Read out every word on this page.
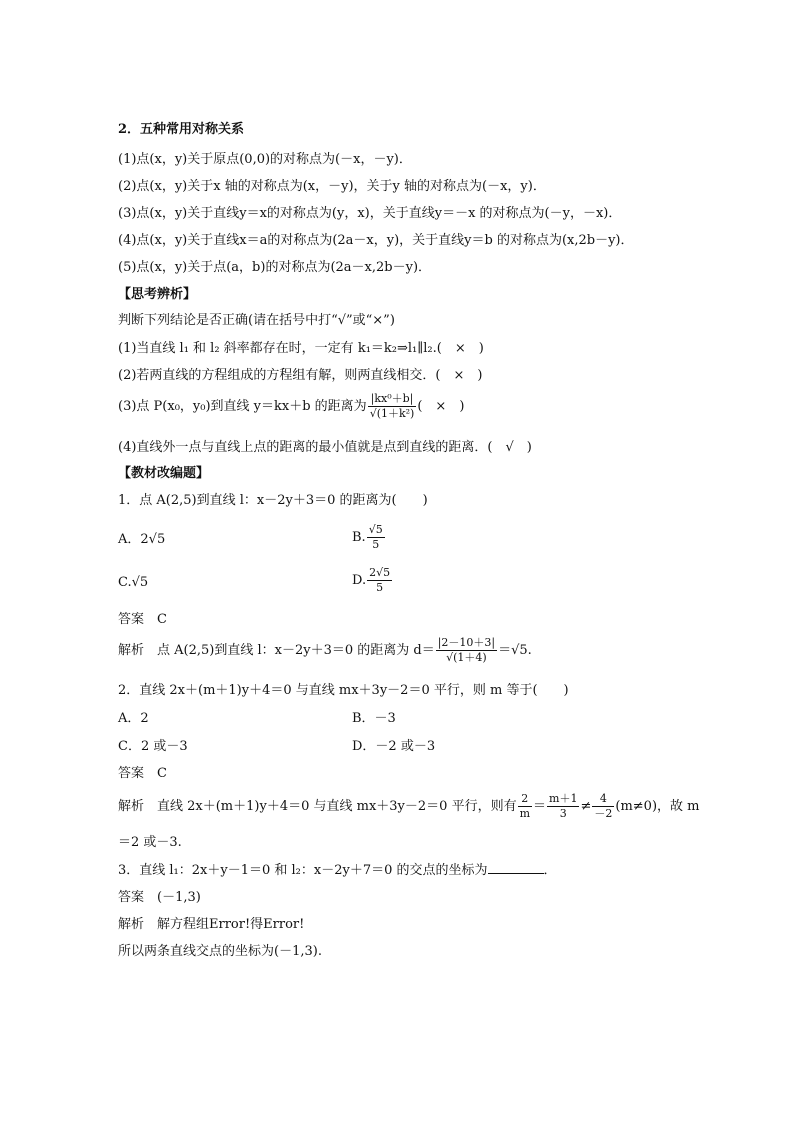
2．五种常用对称关系
(1)点(x，y)关于原点(0,0)的对称点为(－x，－y)．
(2)点(x，y)关于x 轴的对称点为(x，－y)，关于y 轴的对称点为(－x，y)．
(3)点(x，y)关于直线y＝x的对称点为(y，x)，关于直线y＝－x 的对称点为(－y，－x)．
(4)点(x，y)关于直线x＝a的对称点为(2a－x，y)，关于直线y＝b 的对称点为(x,2b－y)．
(5)点(x，y)关于点(a，b)的对称点为(2a－x,2b－y)．
【思考辨析】
判断下列结论是否正确(请在括号中打“√”或“×”)
(1)当直线 l₁ 和 l₂ 斜率都存在时，一定有 k₁＝k₂⇒l₁∥l₂.(　×　)
(2)若两直线的方程组成的方程组有解，则两直线相交．(　×　)
(3)点 P(x₀，y₀)到直线 y＝kx＋b 的距离为 $\frac{\text{|kx⁰＋b|}}{\text{√(1＋k²)}}$ (　×　)
(4)直线外一点与直线上点的距离的最小值就是点到直线的距离．(　√　)
【教材改编题】
1．点 A(2,5)到直线 l：x－2y＋3＝0 的距离为(　　)
A．2√5	B. $\frac{√5}{5}$
C.√5	D. $\frac{2√5}{5}$
答案　C
解析　点 A(2,5)到直线 l：x－2y＋3＝0 的距离为 $d= \frac{|2-10+3|}{√(1+4)} =√5$.
2．直线 2x＋(m＋1)y＋4＝0 与直线 mx＋3y－2＝0 平行，则 m 等于(　　)
A．2	B．－3
C．2 或－3	D．－2 或－3
答案　C
解析　直线 2x＋(m＋1)y＋4＝0 与直线 mx＋3y－2＝0 平行，则有 $\frac{2}{m} = \frac{m+1}{3} \ne \frac{4}{-2} (m\ne 0)$，故 m
＝2 或－3.
3．直线 l₁：2x＋y－1＝0 和 l₂：x－2y＋7＝0 的交点的坐标为	．
答案　(－1,3)
解析　解方程组Error!得Error!
所以两条直线交点的坐标为(－1,3).
